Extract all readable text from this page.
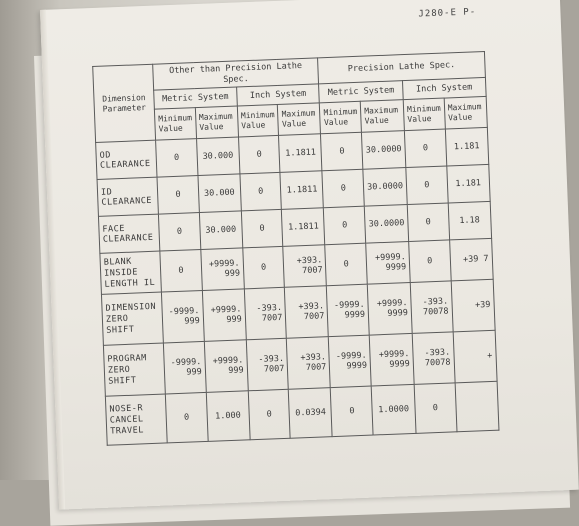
J280-E P-
Dimension Parameter	Other than Precision Lathe Spec.				Precision Lathe Spec.			
	Metric System		Inch System		Metric System		Inch System	
	Minimum Value	Maximum Value	Minimum Value	Maximum Value	Minimum Value	Maximum Value	Minimum Value	Maximum Value
OD CLEARANCE	0	30.000	0	1.1811	0	30.0000	0	1.181
ID CLEARANCE	0	30.000	0	1.1811	0	30.0000	0	1.181
FACE CLEARANCE	0	30.000	0	1.1811	0	30.0000	0	1.18
BLANK INSIDE LENGTH IL	0	+9999. 999	0	+393. 7007	0	+9999. 9999	0	+39 7
DIMENSION ZERO SHIFT	-9999. 999	+9999. 999	-393. 7007	+393. 7007	-9999. 9999	+9999. 9999	-393. 70078	+39
PROGRAM ZERO SHIFT	-9999. 999	+9999. 999	-393. 7007	+393. 7007	-9999. 9999	+9999. 9999	-393. 70078	+
NOSE-R CANCEL TRAVEL	0	1.000	0	0.0394	0	1.0000	0	
